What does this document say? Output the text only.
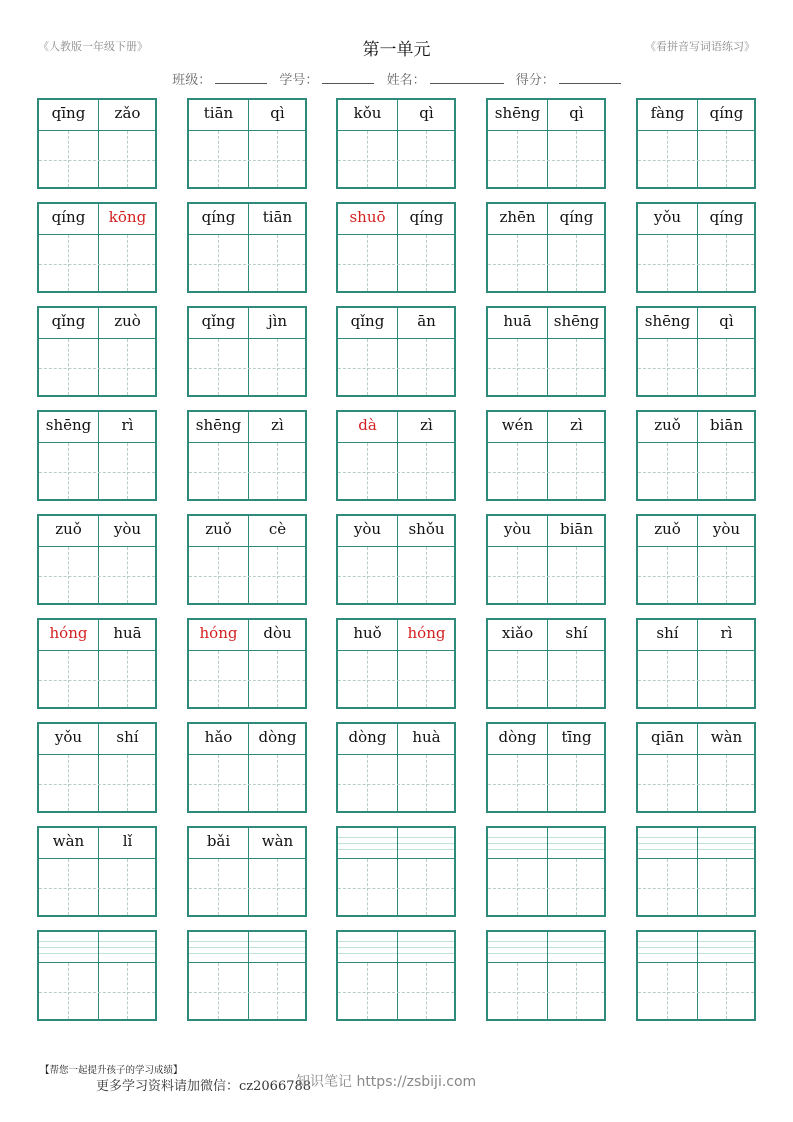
《人教版一年级下册》	第一单元	《看拼音写词语练习》
班级：	学号：	姓名：	得分：
qīng	zǎo	tiān	qì	kǒu	qì	shēng	qì	fàng	qíng
qíng	kōng	qíng	tiān	shuō	qíng	zhēn	qíng	yǒu	qíng
qǐng	zuò	qǐng	jìn	qǐng	ān	huā	shēng	shēng	qì
shēng	rì	shēng	zì	dà	zì	wén	zì	zuǒ	biān
zuǒ	yòu	zuǒ	cè	yòu	shǒu	yòu	biān	zuǒ	yòu
hóng	huā	hóng	dòu	huǒ	hóng	xiǎo	shí	shí	rì
yǒu	shí	hǎo	dòng	dòng	huà	dòng	tīng	qiān	wàn
wàn	lǐ	bǎi	wàn
【帮您一起提升孩子的学习成绩】
更多学习资料请加微信：cz2066788
知识笔记 https://zsbiji.com
